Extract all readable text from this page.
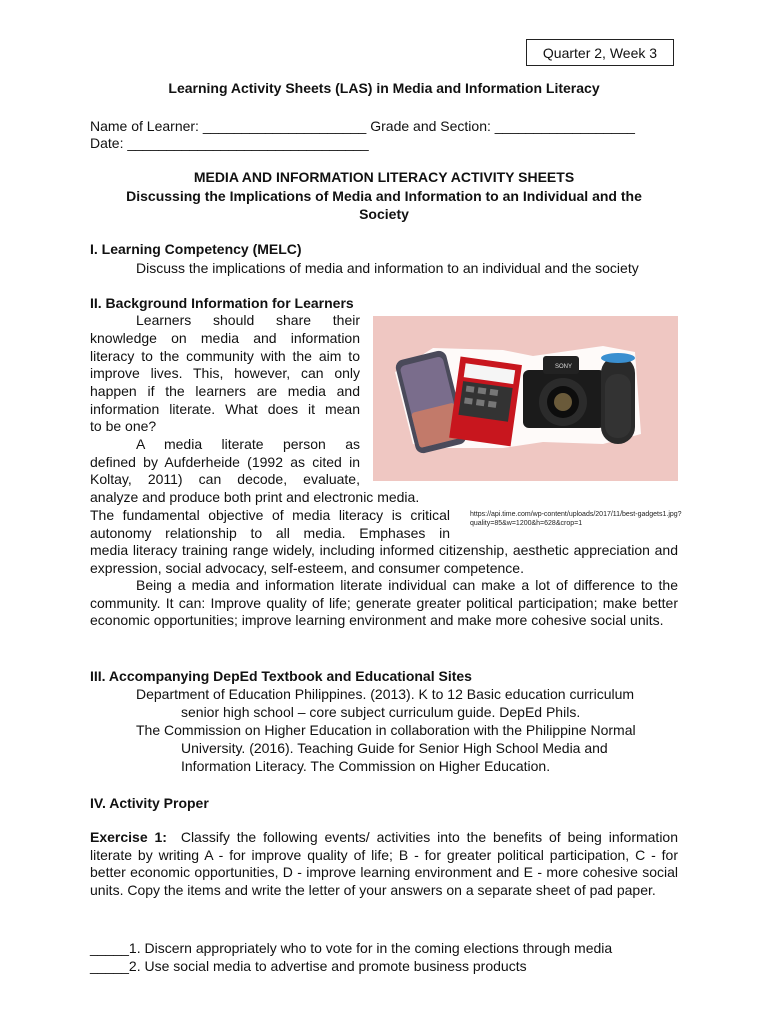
Quarter 2, Week 3
Learning Activity Sheets (LAS) in Media and Information Literacy
Name of Learner: _____________________ Grade and Section: __________________
Date: _______________________________
MEDIA AND INFORMATION LITERACY ACTIVITY SHEETS
Discussing the Implications of Media and Information to an Individual and the
Society
I. Learning Competency (MELC)
Discuss the implications of media and information to an individual and the society
II. Background Information for Learners
Learners should share their
knowledge on media and information
literacy to the community with the aim to
improve lives. This, however, can only
happen if the learners are media and
information literate. What does it mean
to be one?
A media literate person as
defined by Aufderheide (1992 as cited in
Koltay, 2011) can decode, evaluate,
analyze and produce both print and electronic media.
The fundamental objective of media literacy is critical
autonomy relationship to all media. Emphases in
SONY
https://api.time.com/wp-content/uploads/2017/11/best-gadgets1.jpg?quality=85&w=1200&h=628&crop=1

media literacy training range widely, including informed citizenship, aesthetic appreciation and expression, social advocacy, self-esteem, and consumer competence.

Being a media and information literate individual can make a lot of difference to the community. It can: Improve quality of life; generate greater political participation; make better economic opportunities; improve learning environment and make more cohesive social units.

III. Accompanying DepEd Textbook and Educational Sites
Department of Education Philippines. (2013). K to 12 Basic education curriculum
senior high school – core subject curriculum guide. DepEd Phils.
The Commission on Higher Education in collaboration with the Philippine Normal
University. (2016). Teaching Guide for Senior High School Media and
Information Literacy. The Commission on Higher Education.
IV. Activity Proper

Exercise 1: Classify the following events/ activities into the benefits of being information literate by writing A - for improve quality of life; B - for greater political participation, C - for better economic opportunities, D - improve learning environment and E - more cohesive social units. Copy the items and write the letter of your answers on a separate sheet of pad paper.

_____1. Discern appropriately who to vote for in the coming elections through media
_____2. Use social media to advertise and promote business products
